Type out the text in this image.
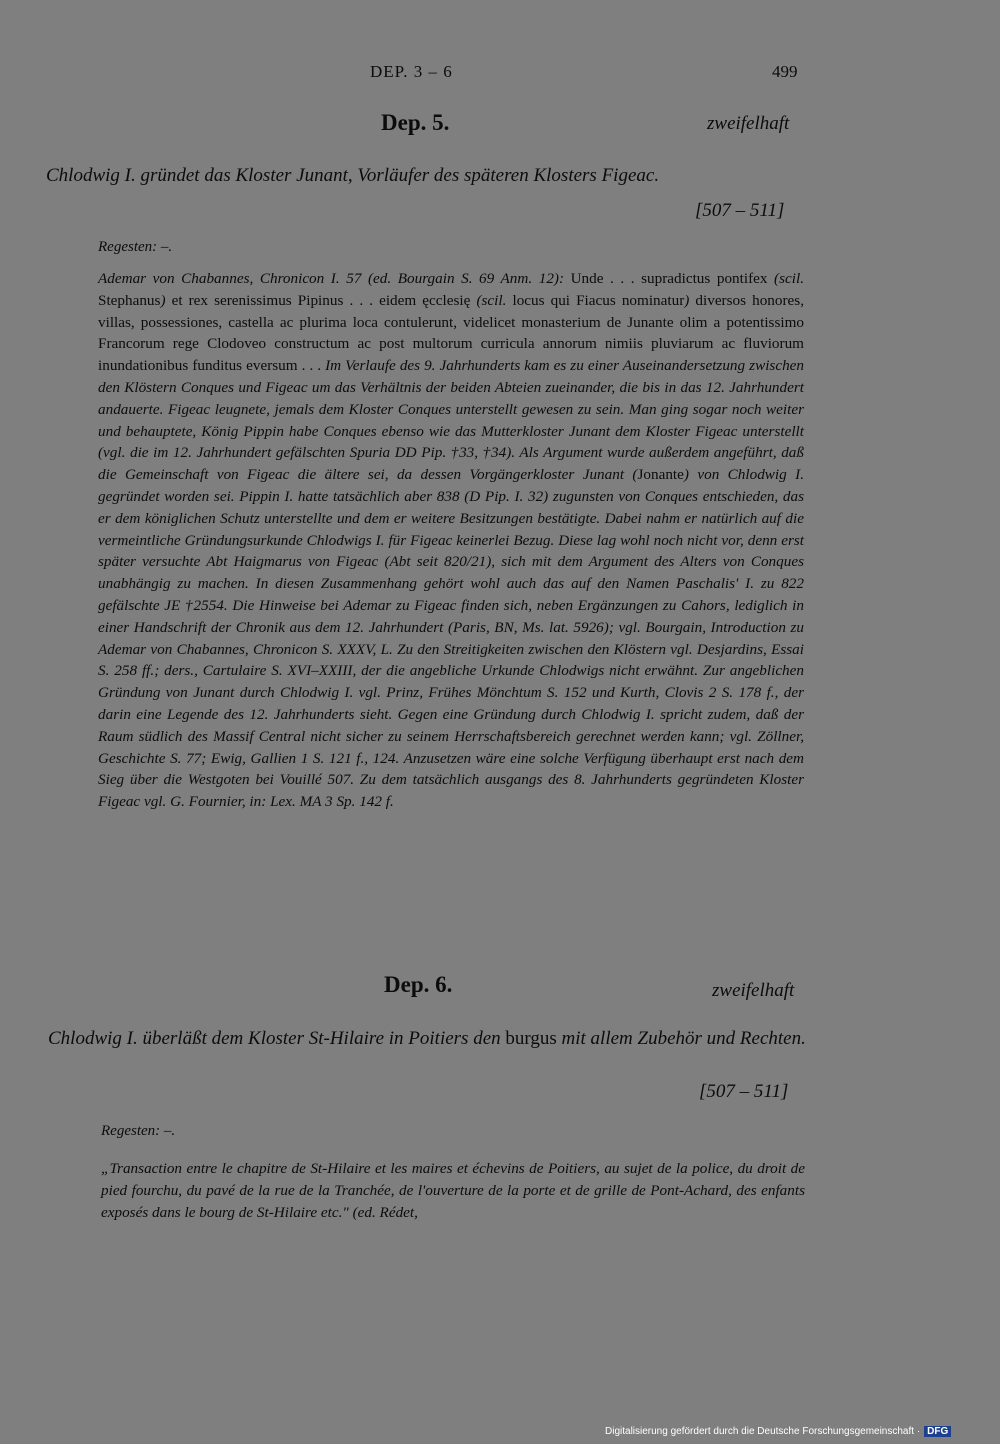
DEP. 3 – 6	499
Dep. 5.	zweifelhaft
Chlodwig I. gründet das Kloster Junant, Vorläufer des späteren Klosters Figeac.
[507 – 511]
Regesten: –.
Ademar von Chabannes, Chronicon I. 57 (ed. Bourgain S. 69 Anm. 12): Unde . . . supradictus pontifex (scil. Stephanus) et rex serenissimus Pipinus . . . eidem ęcclesię (scil. locus qui Fiacus nominatur) diversos honores, villas, possessiones, castella ac plurima loca contulerunt, videlicet monasterium de Junante olim a potentissimo Francorum rege Clodoveo constructum ac post multorum curricula annorum nimiis pluviarum ac fluviorum inundationibus funditus eversum . . . Im Verlaufe des 9. Jahrhunderts kam es zu einer Auseinandersetzung zwischen den Klöstern Conques und Figeac um das Verhältnis der beiden Abteien zueinander, die bis in das 12. Jahrhundert andauerte. Figeac leugnete, jemals dem Kloster Conques unterstellt gewesen zu sein. Man ging sogar noch weiter und behauptete, König Pippin habe Conques ebenso wie das Mutterkloster Junant dem Kloster Figeac unterstellt (vgl. die im 12. Jahrhundert gefälschten Spuria DD Pip. †33, †34). Als Argument wurde außerdem angeführt, daß die Gemeinschaft von Figeac die ältere sei, da dessen Vorgängerkloster Junant (Jonante) von Chlodwig I. gegründet worden sei. Pippin I. hatte tatsächlich aber 838 (D Pip. I. 32) zugunsten von Conques entschieden, das er dem königlichen Schutz unterstellte und dem er weitere Besitzungen bestätigte. Dabei nahm er natürlich auf die vermeintliche Gründungsurkunde Chlodwigs I. für Figeac keinerlei Bezug. Diese lag wohl noch nicht vor, denn erst später versuchte Abt Haigmarus von Figeac (Abt seit 820/21), sich mit dem Argument des Alters von Conques unabhängig zu machen. In diesen Zusammenhang gehört wohl auch das auf den Namen Paschalis' I. zu 822 gefälschte JE †2554. Die Hinweise bei Ademar zu Figeac finden sich, neben Ergänzungen zu Cahors, lediglich in einer Handschrift der Chronik aus dem 12. Jahrhundert (Paris, BN, Ms. lat. 5926); vgl. Bourgain, Introduction zu Ademar von Chabannes, Chronicon S. XXXV, L. Zu den Streitigkeiten zwischen den Klöstern vgl. Desjardins, Essai S. 258 ff.; ders., Cartulaire S. XVI–XXIII, der die angebliche Urkunde Chlodwigs nicht erwähnt. Zur angeblichen Gründung von Junant durch Chlodwig I. vgl. Prinz, Frühes Mönchtum S. 152 und Kurth, Clovis 2 S. 178 f., der darin eine Legende des 12. Jahrhunderts sieht. Gegen eine Gründung durch Chlodwig I. spricht zudem, daß der Raum südlich des Massif Central nicht sicher zu seinem Herrschaftsbereich gerechnet werden kann; vgl. Zöllner, Geschichte S. 77; Ewig, Gallien 1 S. 121 f., 124. Anzusetzen wäre eine solche Verfügung überhaupt erst nach dem Sieg über die Westgoten bei Vouillé 507. Zu dem tatsächlich ausgangs des 8. Jahrhunderts gegründeten Kloster Figeac vgl. G. Fournier, in: Lex. MA 3 Sp. 142 f.
Dep. 6.	zweifelhaft
Chlodwig I. überläßt dem Kloster St-Hilaire in Poitiers den burgus mit allem Zubehör und Rechten.
[507 – 511]
Regesten: –.
„Transaction entre le chapitre de St-Hilaire et les maires et échevins de Poitiers, au sujet de la police, du droit de pied fourchu, du pavé de la rue de la Tranchée, de l'ouverture de la porte et de grille de Pont-Achard, des enfants exposés dans le bourg de St-Hilaire etc." (ed. Rédet,
Digitalisierung gefördert durch die Deutsche Forschungsgemeinschaft · DFG
